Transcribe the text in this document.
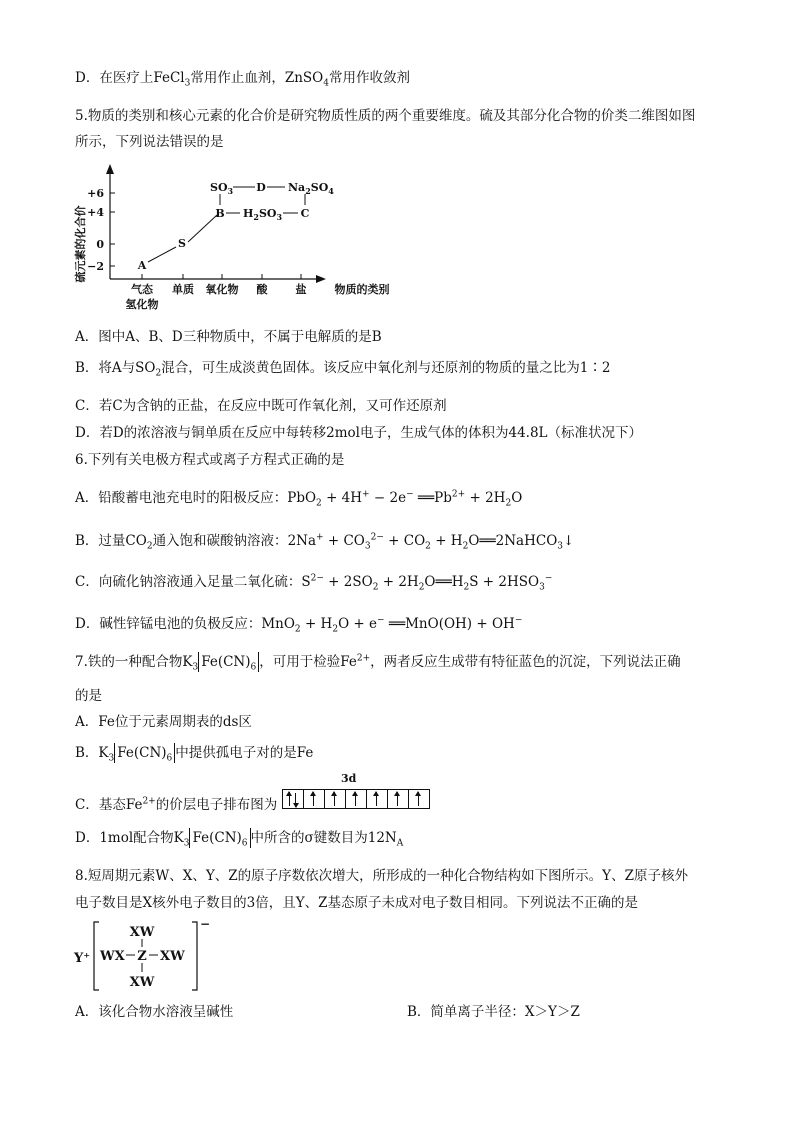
D．在医疗上FeCl$_3$常用作止血剂，ZnSO$_4$常用作收敛剂
5.物质的类别和核心元素的化合价是研究物质性质的两个重要维度。硫及其部分化合物的价类二维图如图
所示，下列说法错误的是
硫元素的化合价
+6
+4
0
−2
气态
氢化物
单质 氧化物 酸	盐	物质的类别
A
S
B $H_2SO_3$ C
$SO_3$ D $Na_2SO_4$
A．图中A、B、D三种物质中，不属于电解质的是B
B．将A与$SO_2$混合，可生成淡黄色固体。该反应中氧化剂与还原剂的物质的量之比为1∶2
C．若C为含钠的正盐，在反应中既可作氧化剂，又可作还原剂
D．若D的浓溶液与铜单质在反应中每转移2mol电子，生成气体的体积为44.8L（标准状况下）
6.下列有关电极方程式或离子方程式正确的是
A．铅酸蓄电池充电时的阳极反应：PbO$_2$ + 4H+ − 2e− $══Pb^{2+} + 2H_2O$
B．过量$CO_2$通入饱和碳酸钠溶液：$2Na^+ + CO_3^{2-} + CO_2$ + $H_2O══2NaHCO_3↓$
C．向硫化钠溶液通入足量二氧化硫：$S^{2-} + 2SO_2$ + $2H_2O══H_2S + 2HSO_3^-$
D．碱性锌锰电池的负极反应：$MnO_2 + H_2O + e^-$ ══MnO(OH) + OH−
7.铁的一种配合物$K_3$ $Fe(CN)_6$ ，可用于检验$Fe^{2+}$，两者反应生成带有特征蓝色的沉淀，下列说法正确
的是
A．Fe位于元素周期表的ds区
B．$K_3$ $Fe(CN)_6$ 中提供孤电子对的是Fe
C．基态$Fe^{2+}$的价层电子排布图为
3d
D．1mol配合物$K_3$ $Fe(CN)_6$ 中所含的σ键数目为$12N_A$
8.短周期元素W、X、Y、Z的原子序数依次增大，所形成的一种化合物结构如下图所示。Y、Z原子核外
电子数目是X核外电子数目的3倍，且Y、Z基态原子未成对电子数目相同。下列说法不正确的是
Y⁺
−
XW
WX Z XW
XW
A．该化合物水溶液呈碱性	B．简单离子半径：X＞Y＞Z
